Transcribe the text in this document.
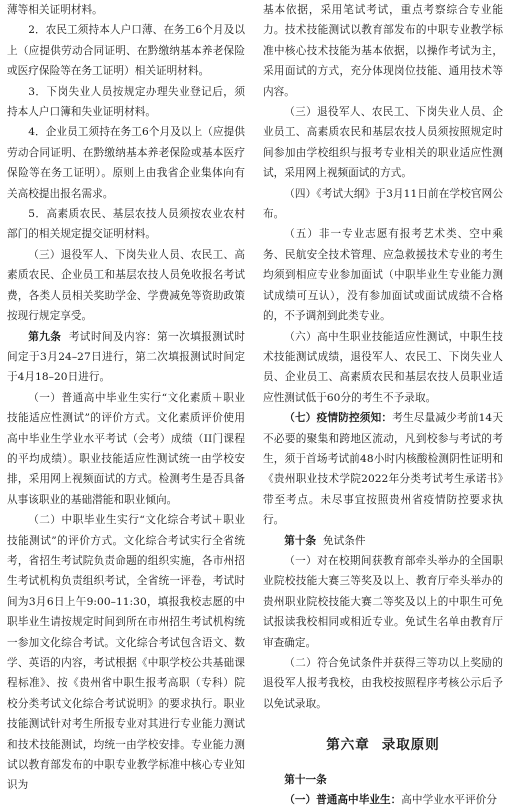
薄等相关证明材料。

2．农民工须持本人户口薄、在务工6个月及以上（应提供劳动合同证明、在黔缴纳基本养老保险或医疗保险等在务工证明）相关证明材料。

3．下岗失业人员按规定办理失业登记后，须持本人户口簿和失业证明材料。

4．企业员工须持在务工6个月及以上（应提供劳动合同证明、在黔缴纳基本养老保险或基本医疗保险等在务工证明）。原则上由我省企业集体向有关高校提出报名需求。

5．高素质农民、基层农技人员须按农业农村部门的相关规定提交证明材料。

（三）退役军人、下岗失业人员、农民工、高素质农民、企业员工和基层农技人员免收报名考试费，各类人员相关奖助学金、学费减免等资助政策按现行规定享受。

第九条 考试时间及内容：第一次填报测试时间定于3月24–27日进行，第二次填报测试时间定于4月18–20日进行。

（一）普通高中毕业生实行“文化素质＋职业技能适应性测试”的评价方式。文化素质评价使用高中毕业生学业水平考试（会考）成绩（II门课程的平均成绩）。职业技能适应性测试统一由学校安排，采用网上视频面试的方式。检测考生是否具备从事该职业的基础潜能和职业倾向。

（二）中职毕业生实行“文化综合考试＋职业技能测试”的评价方式。文化综合考试实行全省统考，省招生考试院负责命题的组织实施，各市州招生考试机构负责组织考试，全省统一评卷，考试时间为3月6日上午9:00–11:30，填报我校志愿的中职毕业生请按规定时间到所在市州招生考试机构统一参加文化综合考试。文化综合考试包含语文、数学、英语的内容，考试根据《中职学校公共基础课程标准》、按《贵州省中职生报考高职（专科）院校分类考试文化综合考试说明》的要求执行。职业技能测试针对考生所报专业对其进行专业能力测试和技术技能测试，均统一由学校安排。专业能力测试以教育部发布的中职专业教学标准中核心专业知识为

基本依据，采用笔试考试，重点考察综合专业能力。技术技能测试以教育部发布的中职专业教学标准中核心技术技能为基本依据，以操作考试为主，采用面试的方式，充分体现岗位技能、通用技术等内容。

（三）退役军人、农民工、下岗失业人员、企业员工、高素质农民和基层农技人员须按照规定时间参加由学校组织与报考专业相关的职业适应性测试，采用网上视频面试的方式。

（四）《考试大纲》于3月11日前在学校官网公布。

（五）非一专业志愿有报考艺术类、空中乘务、民航安全技术管理、应急救援技术专业的考生均须到相应专业参加面试（中职毕业生专业能力测试成绩可互认），没有参加面试或面试成绩不合格的，不予调剂到此类专业。

（六）高中生职业技能适应性测试，中职生技术技能测试成绩，退役军人、农民工、下岗失业人员、企业员工、高素质农民和基层农技人员职业适应性测试低于60分的考生不予录取。

（七）疫情防控须知：考生尽量减少考前14天不必要的聚集和跨地区流动，凡到校参与考试的考生，须于首场考试前48小时内核酸检测阴性证明和《贵州职业技术学院2022年分类考试考生承诺书》带至考点。未尽事宜按照贵州省疫情防控要求执行。

第十条 免试条件

（一）对在校期间获教育部牵头举办的全国职业院校技能大赛三等奖及以上、教育厅牵头举办的贵州职业院校技能大赛二等奖及以上的中职生可免试报读我校相同或相近专业。免试生名单由教育厅审查确定。

（二）符合免试条件并获得三等功以上奖励的退役军人报考我校，由我校按照程序考核公示后予以免试录取。

第六章 录取原则

第十一条

（一）普通高中毕业生：高中学业水平评价分
